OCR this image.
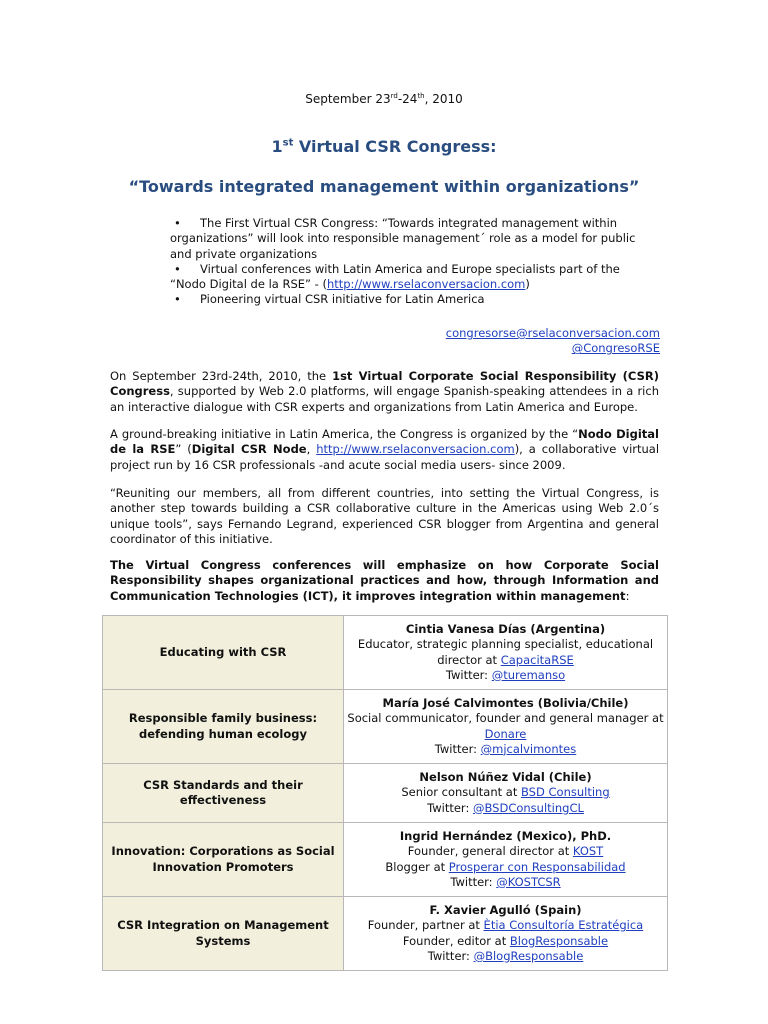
September 23rd-24th, 2010
1st Virtual CSR Congress:
“Towards integrated management within organizations”
• The First Virtual CSR Congress: “Towards integrated management within
organizations” will look into responsible management´ role as a model for public
and private organizations
• Virtual conferences with Latin America and Europe specialists part of the
“Nodo Digital de la RSE” - (http://www.rselaconversacion.com)
• Pioneering virtual CSR initiative for Latin America
congresorse@rselaconversacion.com
@CongresoRSE
On September 23rd-24th, 2010, the 1st Virtual Corporate Social Responsibility (CSR) Congress, supported by Web 2.0 platforms, will engage Spanish-speaking attendees in a rich an interactive dialogue with CSR experts and organizations from Latin America and Europe.
A ground-breaking initiative in Latin America, the Congress is organized by the “Nodo Digital de la RSE” (Digital CSR Node, http://www.rselaconversacion.com), a collaborative virtual project run by 16 CSR professionals -and acute social media users- since 2009.
“Reuniting our members, all from different countries, into setting the Virtual Congress, is another step towards building a CSR collaborative culture in the Americas using Web 2.0´s unique tools”, says Fernando Legrand, experienced CSR blogger from Argentina and general coordinator of this initiative.
The Virtual Congress conferences will emphasize on how Corporate Social Responsibility shapes organizational practices and how, through Information and Communication Technologies (ICT), it improves integration within management:
Educating with CSR	Cintia Vanesa Días (Argentina)
Educator, strategic planning specialist, educational
director at CapacitaRSE
Twitter: @turemanso

Responsible family business: defending human ecology	María José Calvimontes (Bolivia/Chile)
Social communicator, founder and general manager at
Donare
Twitter: @mjcalvimontes

CSR Standards and their effectiveness	Nelson Núñez Vidal (Chile)
Senior consultant at BSD Consulting
Twitter: @BSDConsultingCL

Innovation: Corporations as Social Innovation Promoters	Ingrid Hernández (Mexico), PhD.
Founder, general director at KOST
Blogger at Prosperar con Responsabilidad
Twitter: @KOSTCSR

CSR Integration on Management Systems	F. Xavier Agulló (Spain)
Founder, partner at Ètia Consultoría Estratégica
Founder, editor at BlogResponsable
Twitter: @BlogResponsable
